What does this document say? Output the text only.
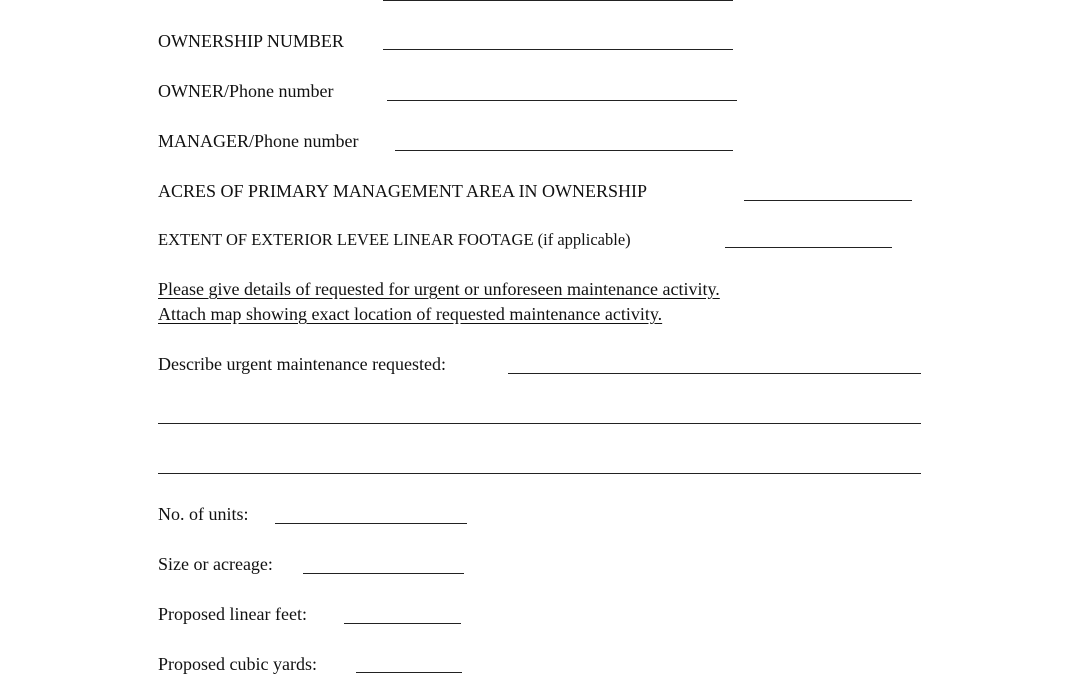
OWNERSHIP NUMBER
OWNER/Phone number
MANAGER/Phone number
ACRES OF PRIMARY MANAGEMENT AREA IN OWNERSHIP
EXTENT OF EXTERIOR LEVEE LINEAR FOOTAGE (if applicable)
Please give details of requested for urgent or unforeseen maintenance activity.
Attach map showing exact location of requested maintenance activity.
Describe urgent maintenance requested:
No. of units:
Size or acreage:
Proposed linear feet:
Proposed cubic yards:
